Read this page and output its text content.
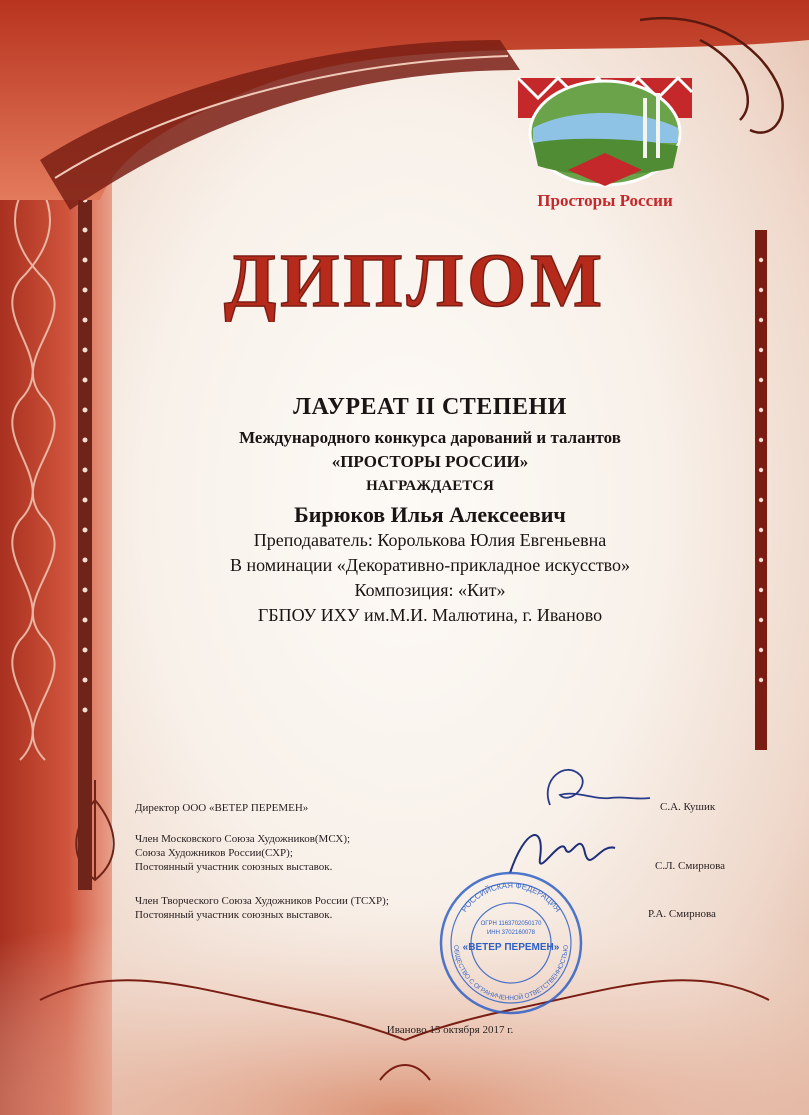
Просторы России
ДИПЛОМ
ЛАУРЕАТ II СТЕПЕНИ
Международного конкурса дарований и талантов
«ПРОСТОРЫ РОССИИ»
НАГРАЖДАЕТСЯ
Бирюков Илья Алексеевич
Преподаватель: Королькова Юлия Евгеньевна
В номинации «Декоративно-прикладное искусство»
Композиция: «Кит»
ГБПОУ ИХУ им.М.И. Малютина, г. Иваново
Директор ООО «ВЕТЕР ПЕРЕМЕН»	С.А. Кушик
Член Московского Союза Художников(МСХ);
Союза Художников России(СХР);
Постоянный участник союзных выставок.	С.Л. Смирнова
Член Творческого Союза Художников России (ТСХР);
Постоянный участник союзных выставок.	Р.А. Смирнова
РОССИЙСКАЯ ФЕДЕРАЦИЯ
ОБЩЕСТВО С ОГРАНИЧЕННОЙ ОТВЕТСТВЕННОСТЬЮ
ОГРН 1163702050170
ИНН 3702160078
«ВЕТЕР ПЕРЕМЕН»
Иваново 15 октября 2017 г.
